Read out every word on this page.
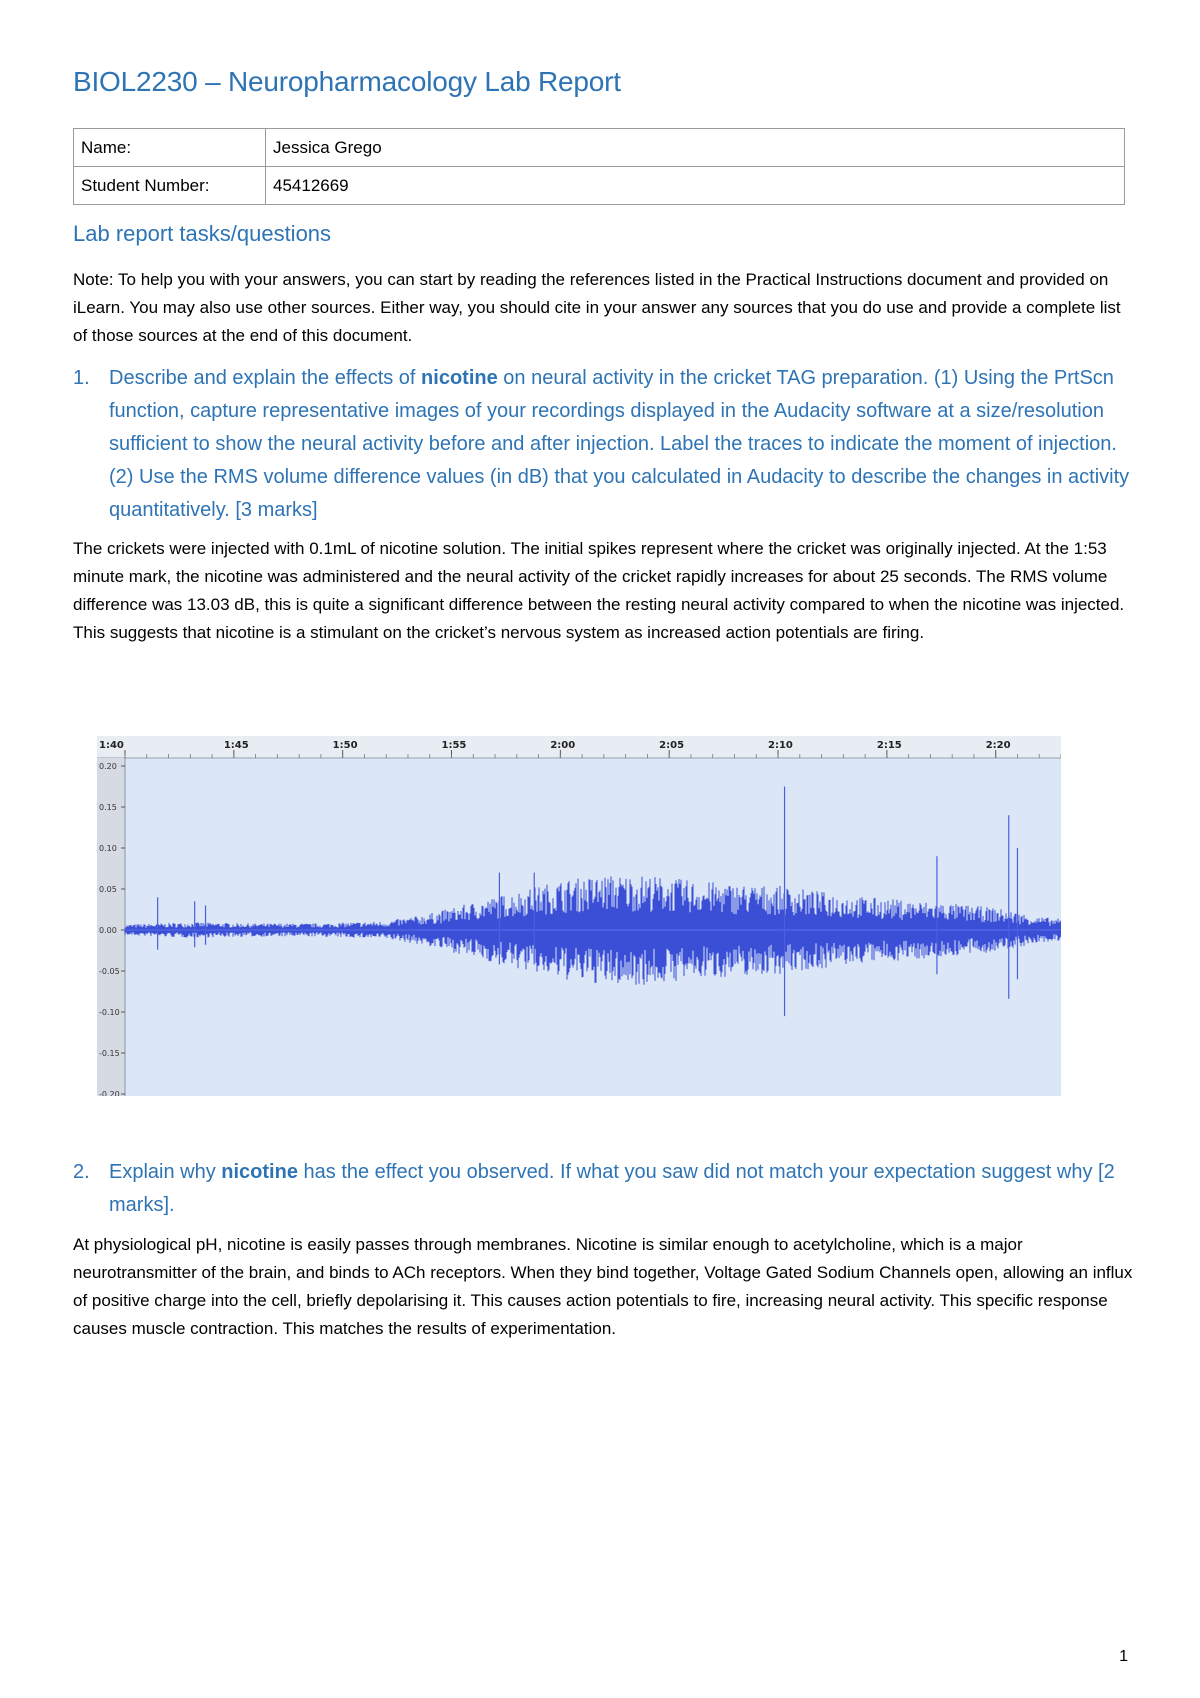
BIOL2230 – Neuropharmacology Lab Report
Name:	Jessica Grego
Student Number:	45412669
Lab report tasks/questions

Note: To help you with your answers, you can start by reading the references listed in the Practical Instructions document and provided on iLearn. You may also use other sources. Either way, you should cite in your answer any sources that you do use and provide a complete list of those sources at the end of this document.

1. Describe and explain the effects of nicotine on neural activity in the cricket TAG preparation. (1) Using the PrtScn function, capture representative images of your recordings displayed in the Audacity software at a size/resolution sufficient to show the neural activity before and after injection. Label the traces to indicate the moment of injection. (2) Use the RMS volume difference values (in dB) that you calculated in Audacity to describe the changes in activity quantitatively. [3 marks]

The crickets were injected with 0.1mL of nicotine solution. The initial spikes represent where the cricket was originally injected. At the 1:53 minute mark, the nicotine was administered and the neural activity of the cricket rapidly increases for about 25 seconds. The RMS volume difference was 13.03 dB, this is quite a significant difference between the resting neural activity compared to when the nicotine was injected. This suggests that nicotine is a stimulant on the cricket’s nervous system as increased action potentials are firing.

1:40	1:45	1:50	1:55	2:00	2:05	2:10	2:15	2:20
0.20
0.15
0.10
0.05
0.00
-0.05
-0.10
-0.15
-0.20
2. Explain why nicotine has the effect you observed. If what you saw did not match your expectation suggest why [2 marks].

At physiological pH, nicotine is easily passes through membranes. Nicotine is similar enough to acetylcholine, which is a major neurotransmitter of the brain, and binds to ACh receptors. When they bind together, Voltage Gated Sodium Channels open, allowing an influx of positive charge into the cell, briefly depolarising it. This causes action potentials to fire, increasing neural activity. This specific response causes muscle contraction. This matches the results of experimentation.

1
